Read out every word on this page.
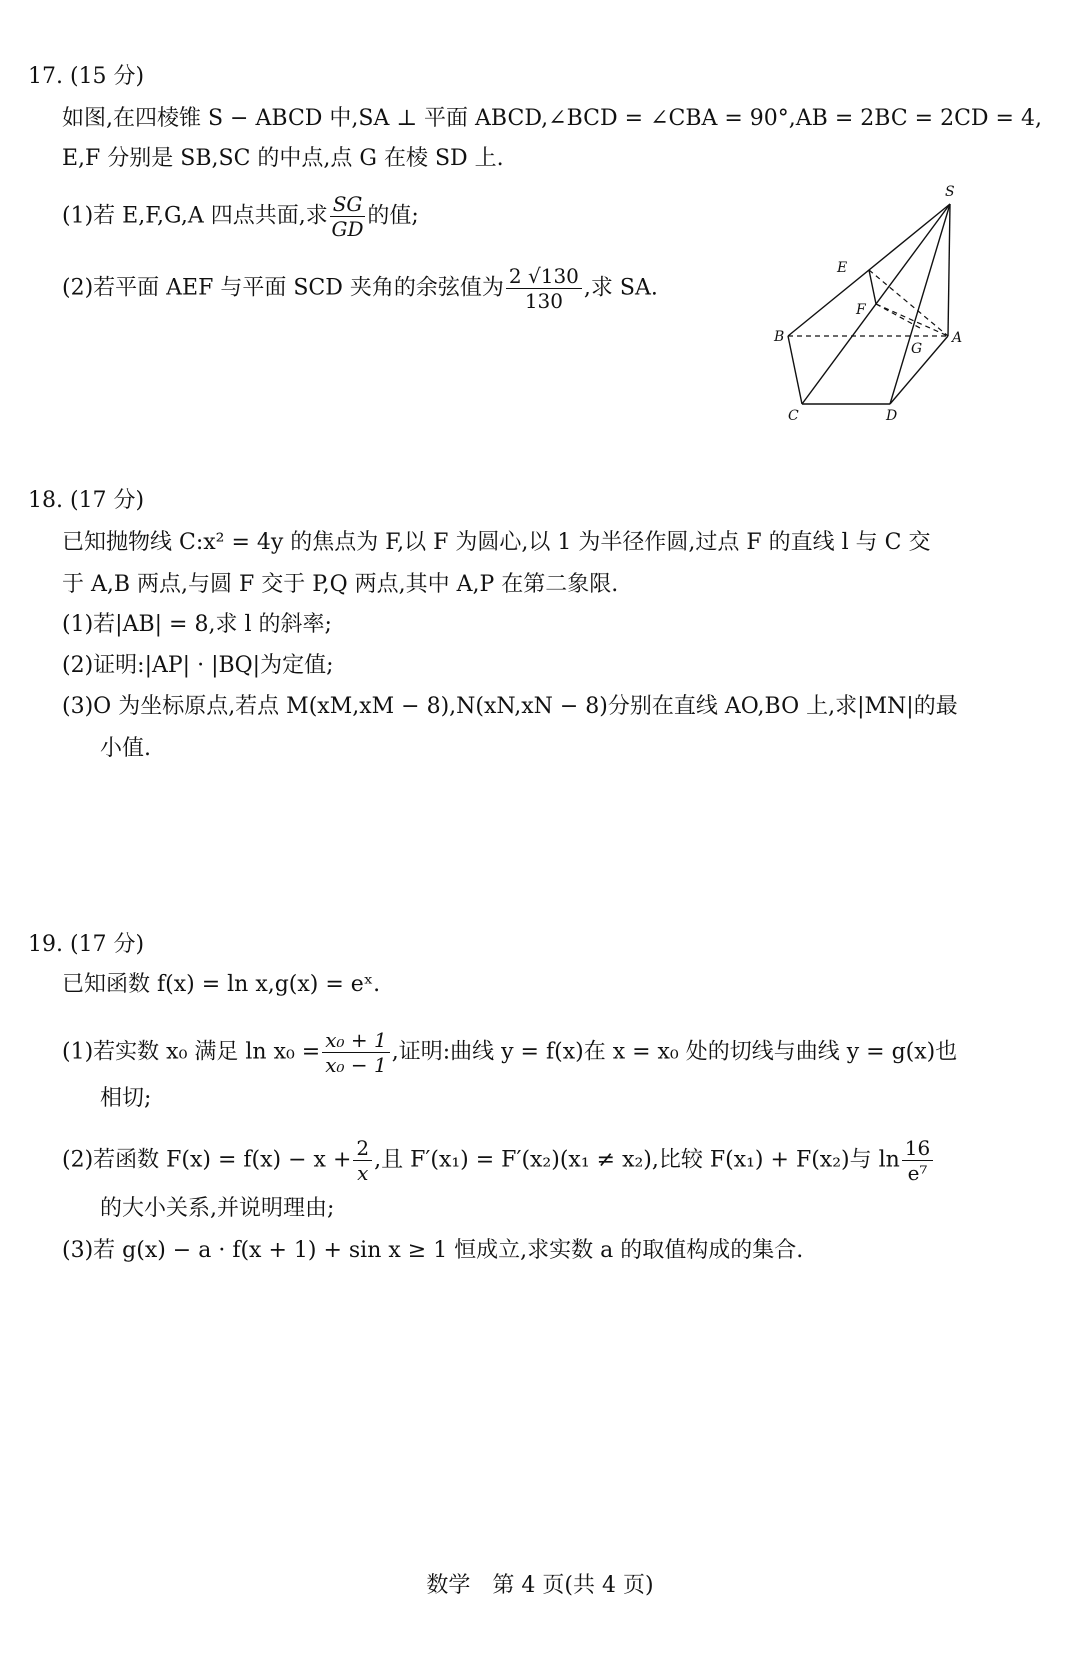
17. (15 分)
如图,在四棱锥 S − ABCD 中,SA ⊥ 平面 ABCD,∠BCD = ∠CBA = 90°,AB = 2BC = 2CD = 4,
E,F 分别是 SB,SC 的中点,点 G 在棱 SD 上.
(1)若 E,F,G,A 四点共面,求 $\frac{SG}{GD}$ 的值;
(2)若平面 AEF 与平面 SCD 夹角的余弦值为 $\frac{2 √130}{130}$ ,求 SA.
S
E
F
B	A
G
C	D
18. (17 分)
已知抛物线 C:x² = 4y 的焦点为 F,以 F 为圆心,以 1 为半径作圆,过点 F 的直线 l 与 C 交
于 A,B 两点,与圆 F 交于 P,Q 两点,其中 A,P 在第二象限.
(1)若|AB| = 8,求 l 的斜率;
(2)证明:|AP| · |BQ|为定值;
(3)O 为坐标原点,若点 M(xM,xM − 8),N(xN,xN − 8)分别在直线 AO,BO 上,求|MN|的最
小值.
19. (17 分)
已知函数 f(x) = ln x,g(x) = eˣ.
(1)若实数 x₀ 满足 $\ln x_0 = \frac{\text{x₀ + 1}}{\text{x₀ − 1}}$ ,证明:曲线 y = f(x)在 x = x₀ 处的切线与曲线 y = g(x)也
相切;
(2)若函数 $F(x) = f(x) - x + \frac{2}{x}$ ,且 F′(x₁) = F′(x₂)(x₁ ≠ x₂),比较 F(x₁) + F(x₂)与 $\ln \frac{16}{\text{e⁷}}$
的大小关系,并说明理由;
(3)若 g(x) − a · f(x + 1) + sin x ≥ 1 恒成立,求实数 a 的取值构成的集合.
数学　第 4 页(共 4 页)
